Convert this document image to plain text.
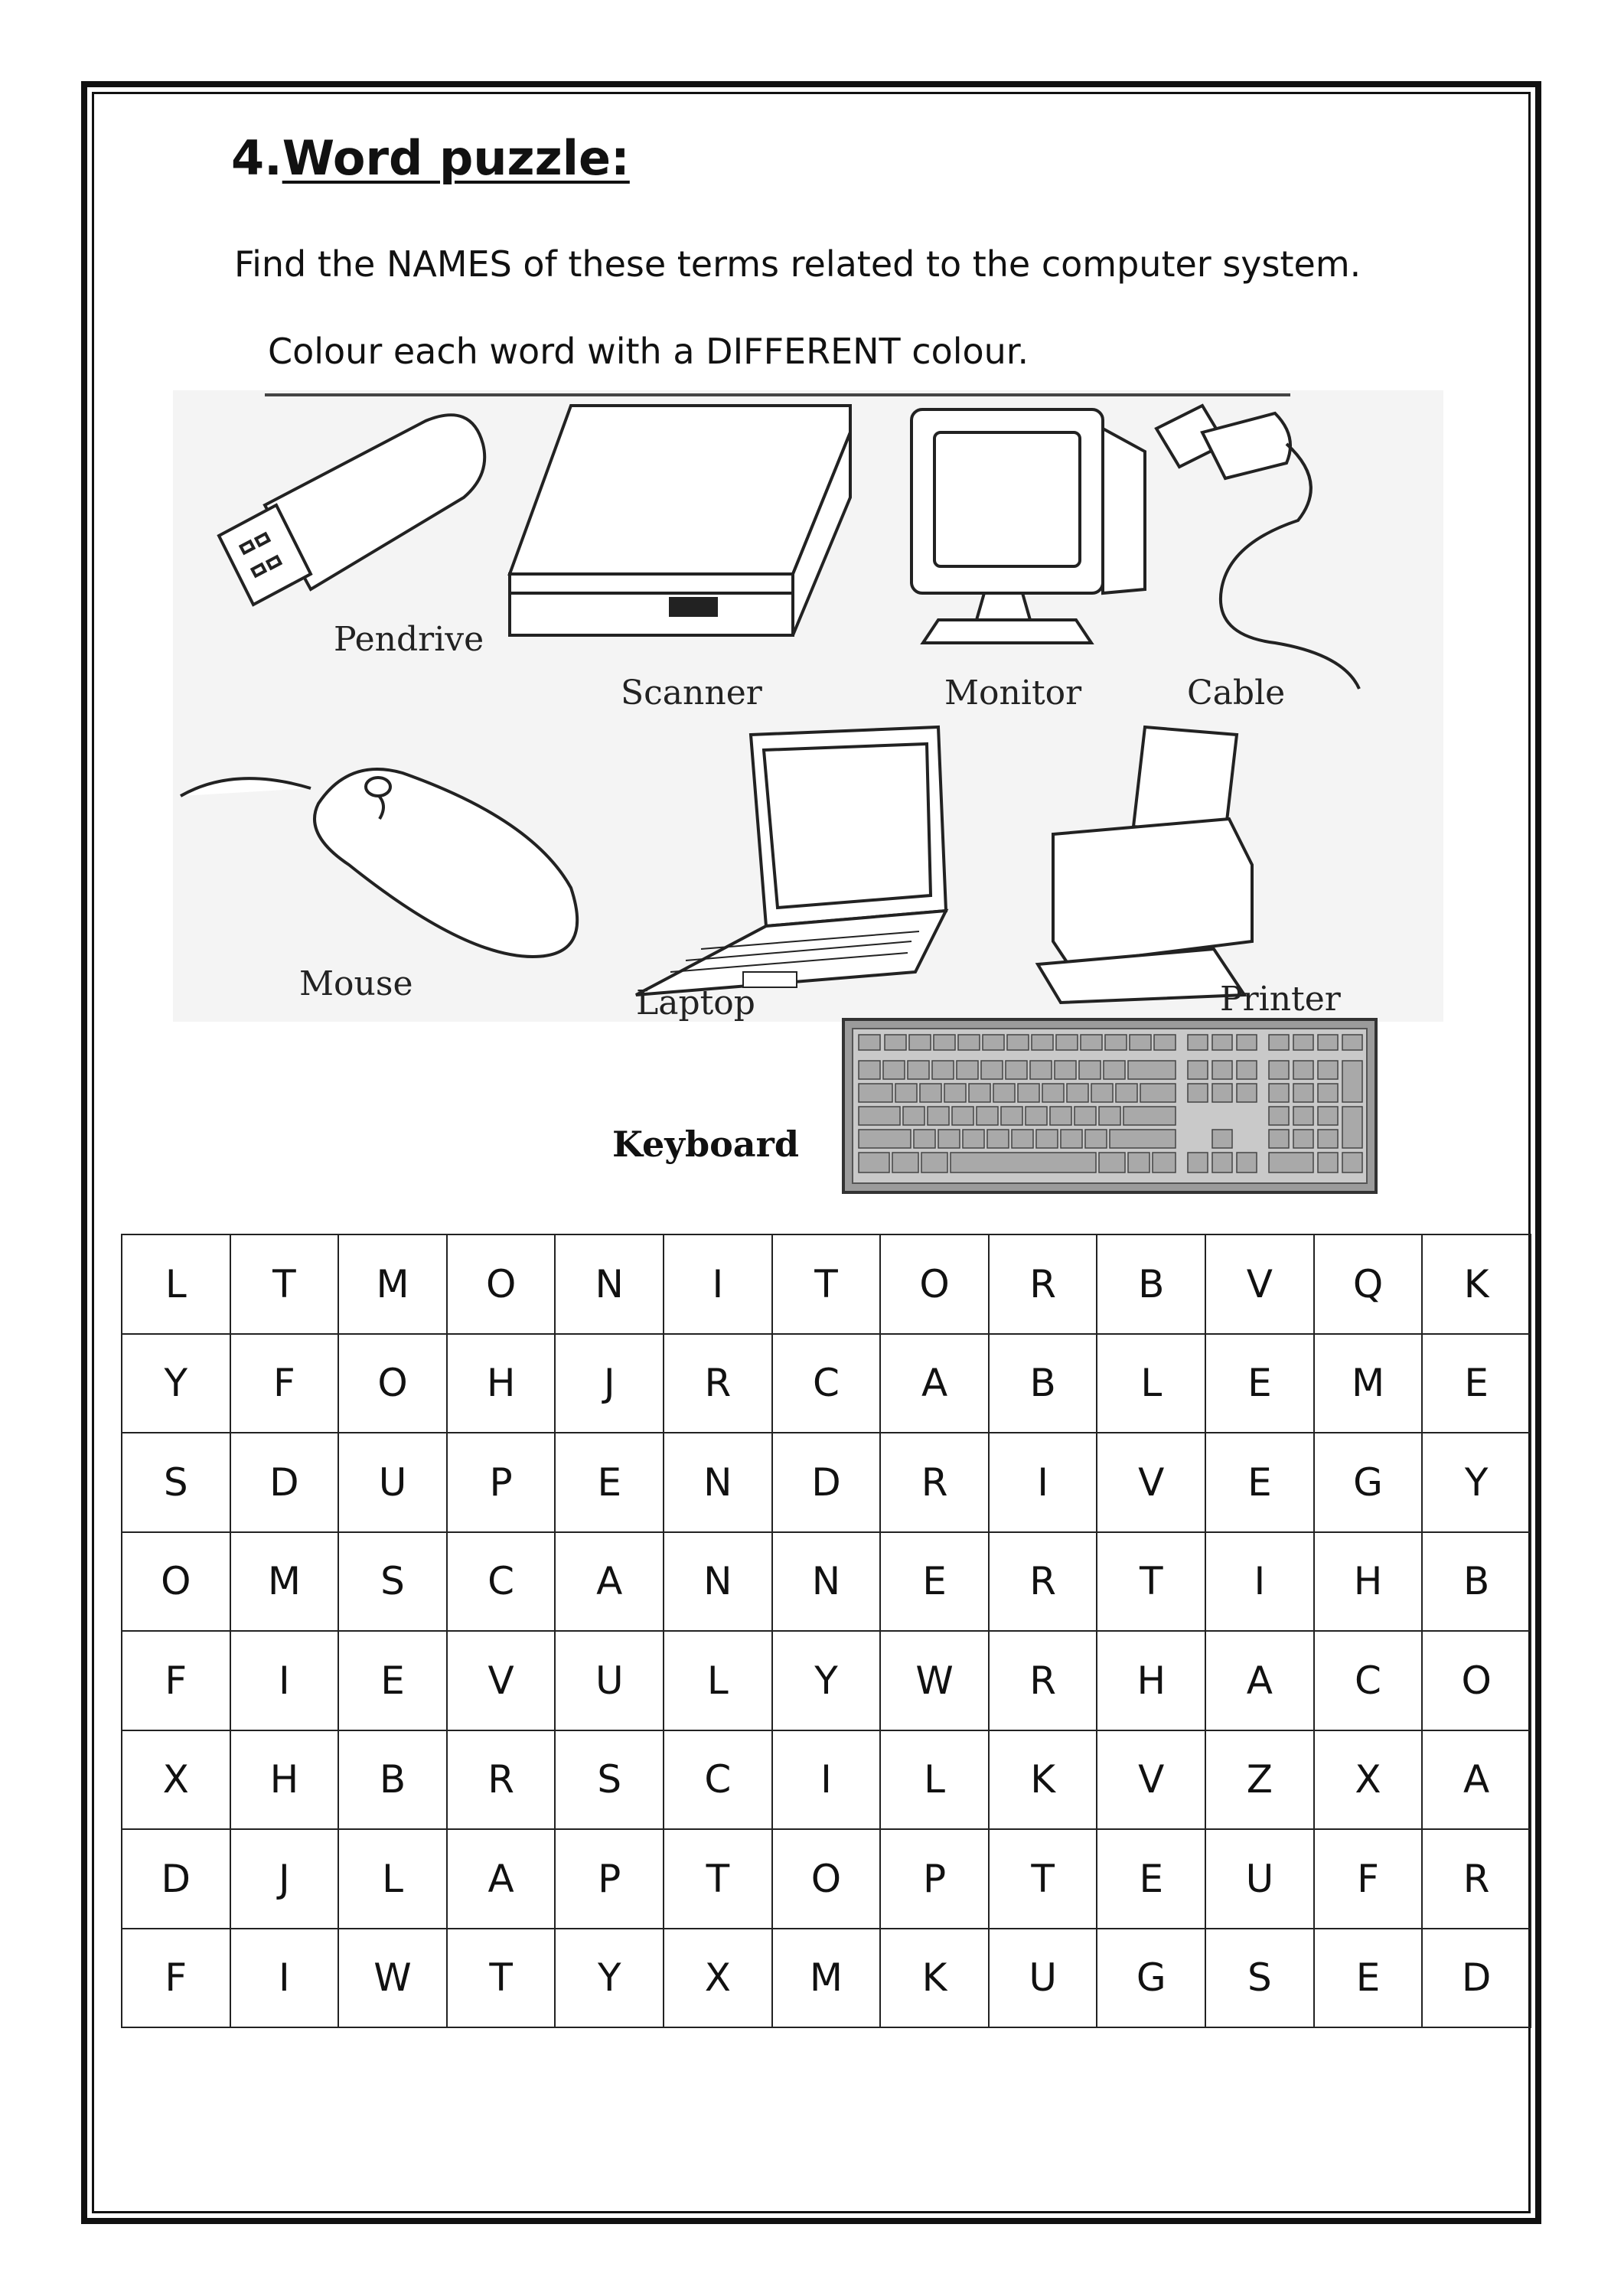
4.Word puzzle:
Find the NAMES of these terms related to the computer system.
Colour each word with a DIFFERENT colour.
Pendrive
Scanner	Monitor	Cable
Mouse	Laptop	Printer
Keyboard
L	T	M	O	N	I	T	O	R	B	V	Q	K
Y	F	O	H	J	R	C	A	B	L	E	M	E
S	D	U	P	E	N	D	R	I	V	E	G	Y
O	M	S	C	A	N	N	E	R	T	I	H	B
F	I	E	V	U	L	Y	W	R	H	A	C	O
X	H	B	R	S	C	I	L	K	V	Z	X	A
D	J	L	A	P	T	O	P	T	E	U	F	R
F	I	W	T	Y	X	M	K	U	G	S	E	D
